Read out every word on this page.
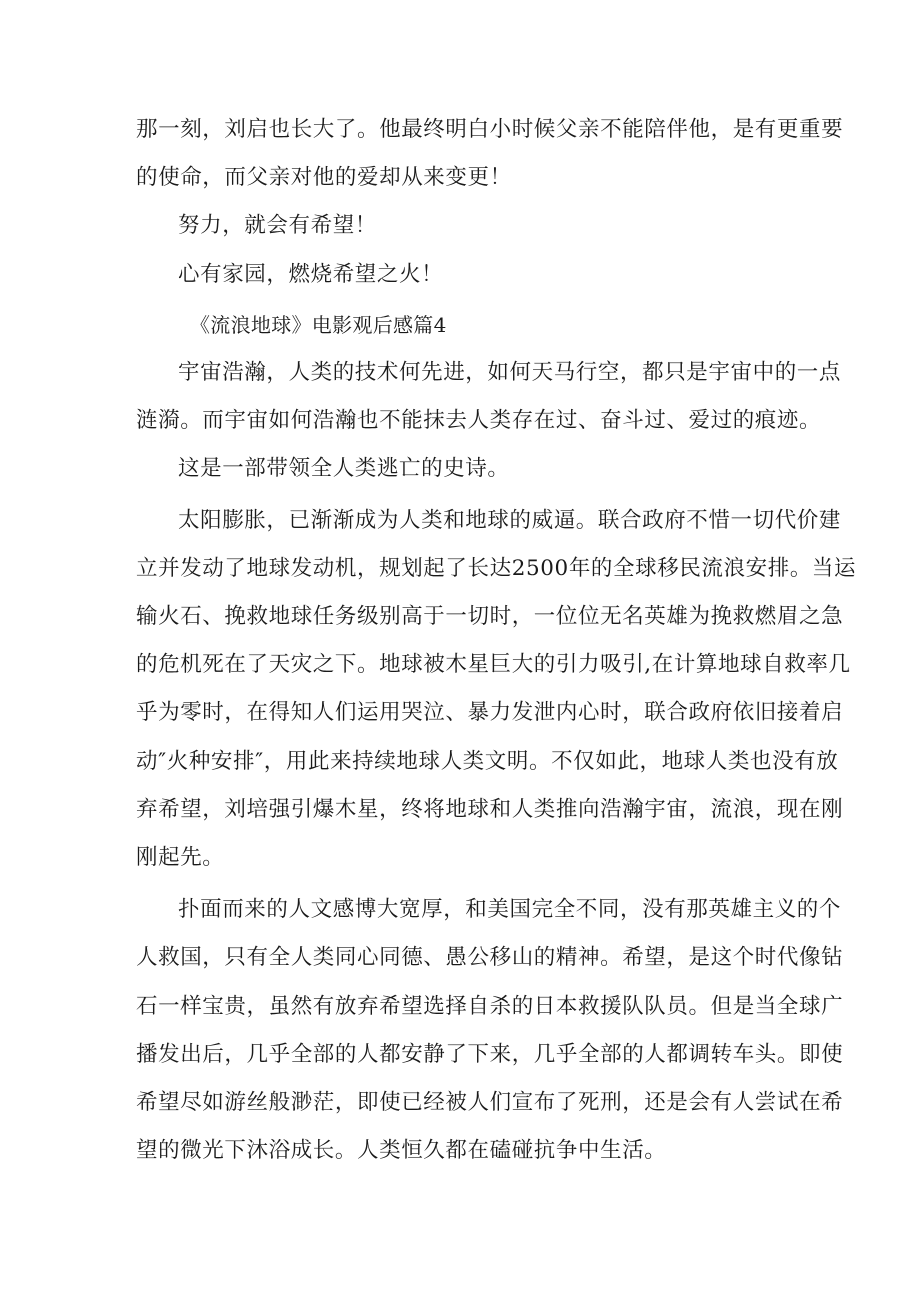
那一刻，刘启也长大了。他最终明白小时候父亲不能陪伴他，是有更重要

的使命，而父亲对他的爱却从来变更！

努力，就会有希望！

心有家园，燃烧希望之火！

《流浪地球》电影观后感篇4

宇宙浩瀚，人类的技术何先进，如何天马行空，都只是宇宙中的一点

涟漪。而宇宙如何浩瀚也不能抹去人类存在过、奋斗过、爱过的痕迹。

这是一部带领全人类逃亡的史诗。

太阳膨胀，已渐渐成为人类和地球的威逼。联合政府不惜一切代价建

立并发动了地球发动机，规划起了长达2500年的全球移民流浪安排。当运

输火石、挽救地球任务级别高于一切时，一位位无名英雄为挽救燃眉之急

的危机死在了天灾之下。地球被木星巨大的引力吸引,在计算地球自救率几

乎为零时，在得知人们运用哭泣、暴力发泄内心时，联合政府依旧接着启

动″火种安排″，用此来持续地球人类文明。不仅如此，地球人类也没有放

弃希望，刘培强引爆木星，终将地球和人类推向浩瀚宇宙，流浪，现在刚

刚起先。

扑面而来的人文感博大宽厚，和美国完全不同，没有那英雄主义的个

人救国，只有全人类同心同德、愚公移山的精神。希望，是这个时代像钻

石一样宝贵，虽然有放弃希望选择自杀的日本救援队队员。但是当全球广

播发出后，几乎全部的人都安静了下来，几乎全部的人都调转车头。即使

希望尽如游丝般渺茫，即使已经被人们宣布了死刑，还是会有人尝试在希

望的微光下沐浴成长。人类恒久都在磕碰抗争中生活。
